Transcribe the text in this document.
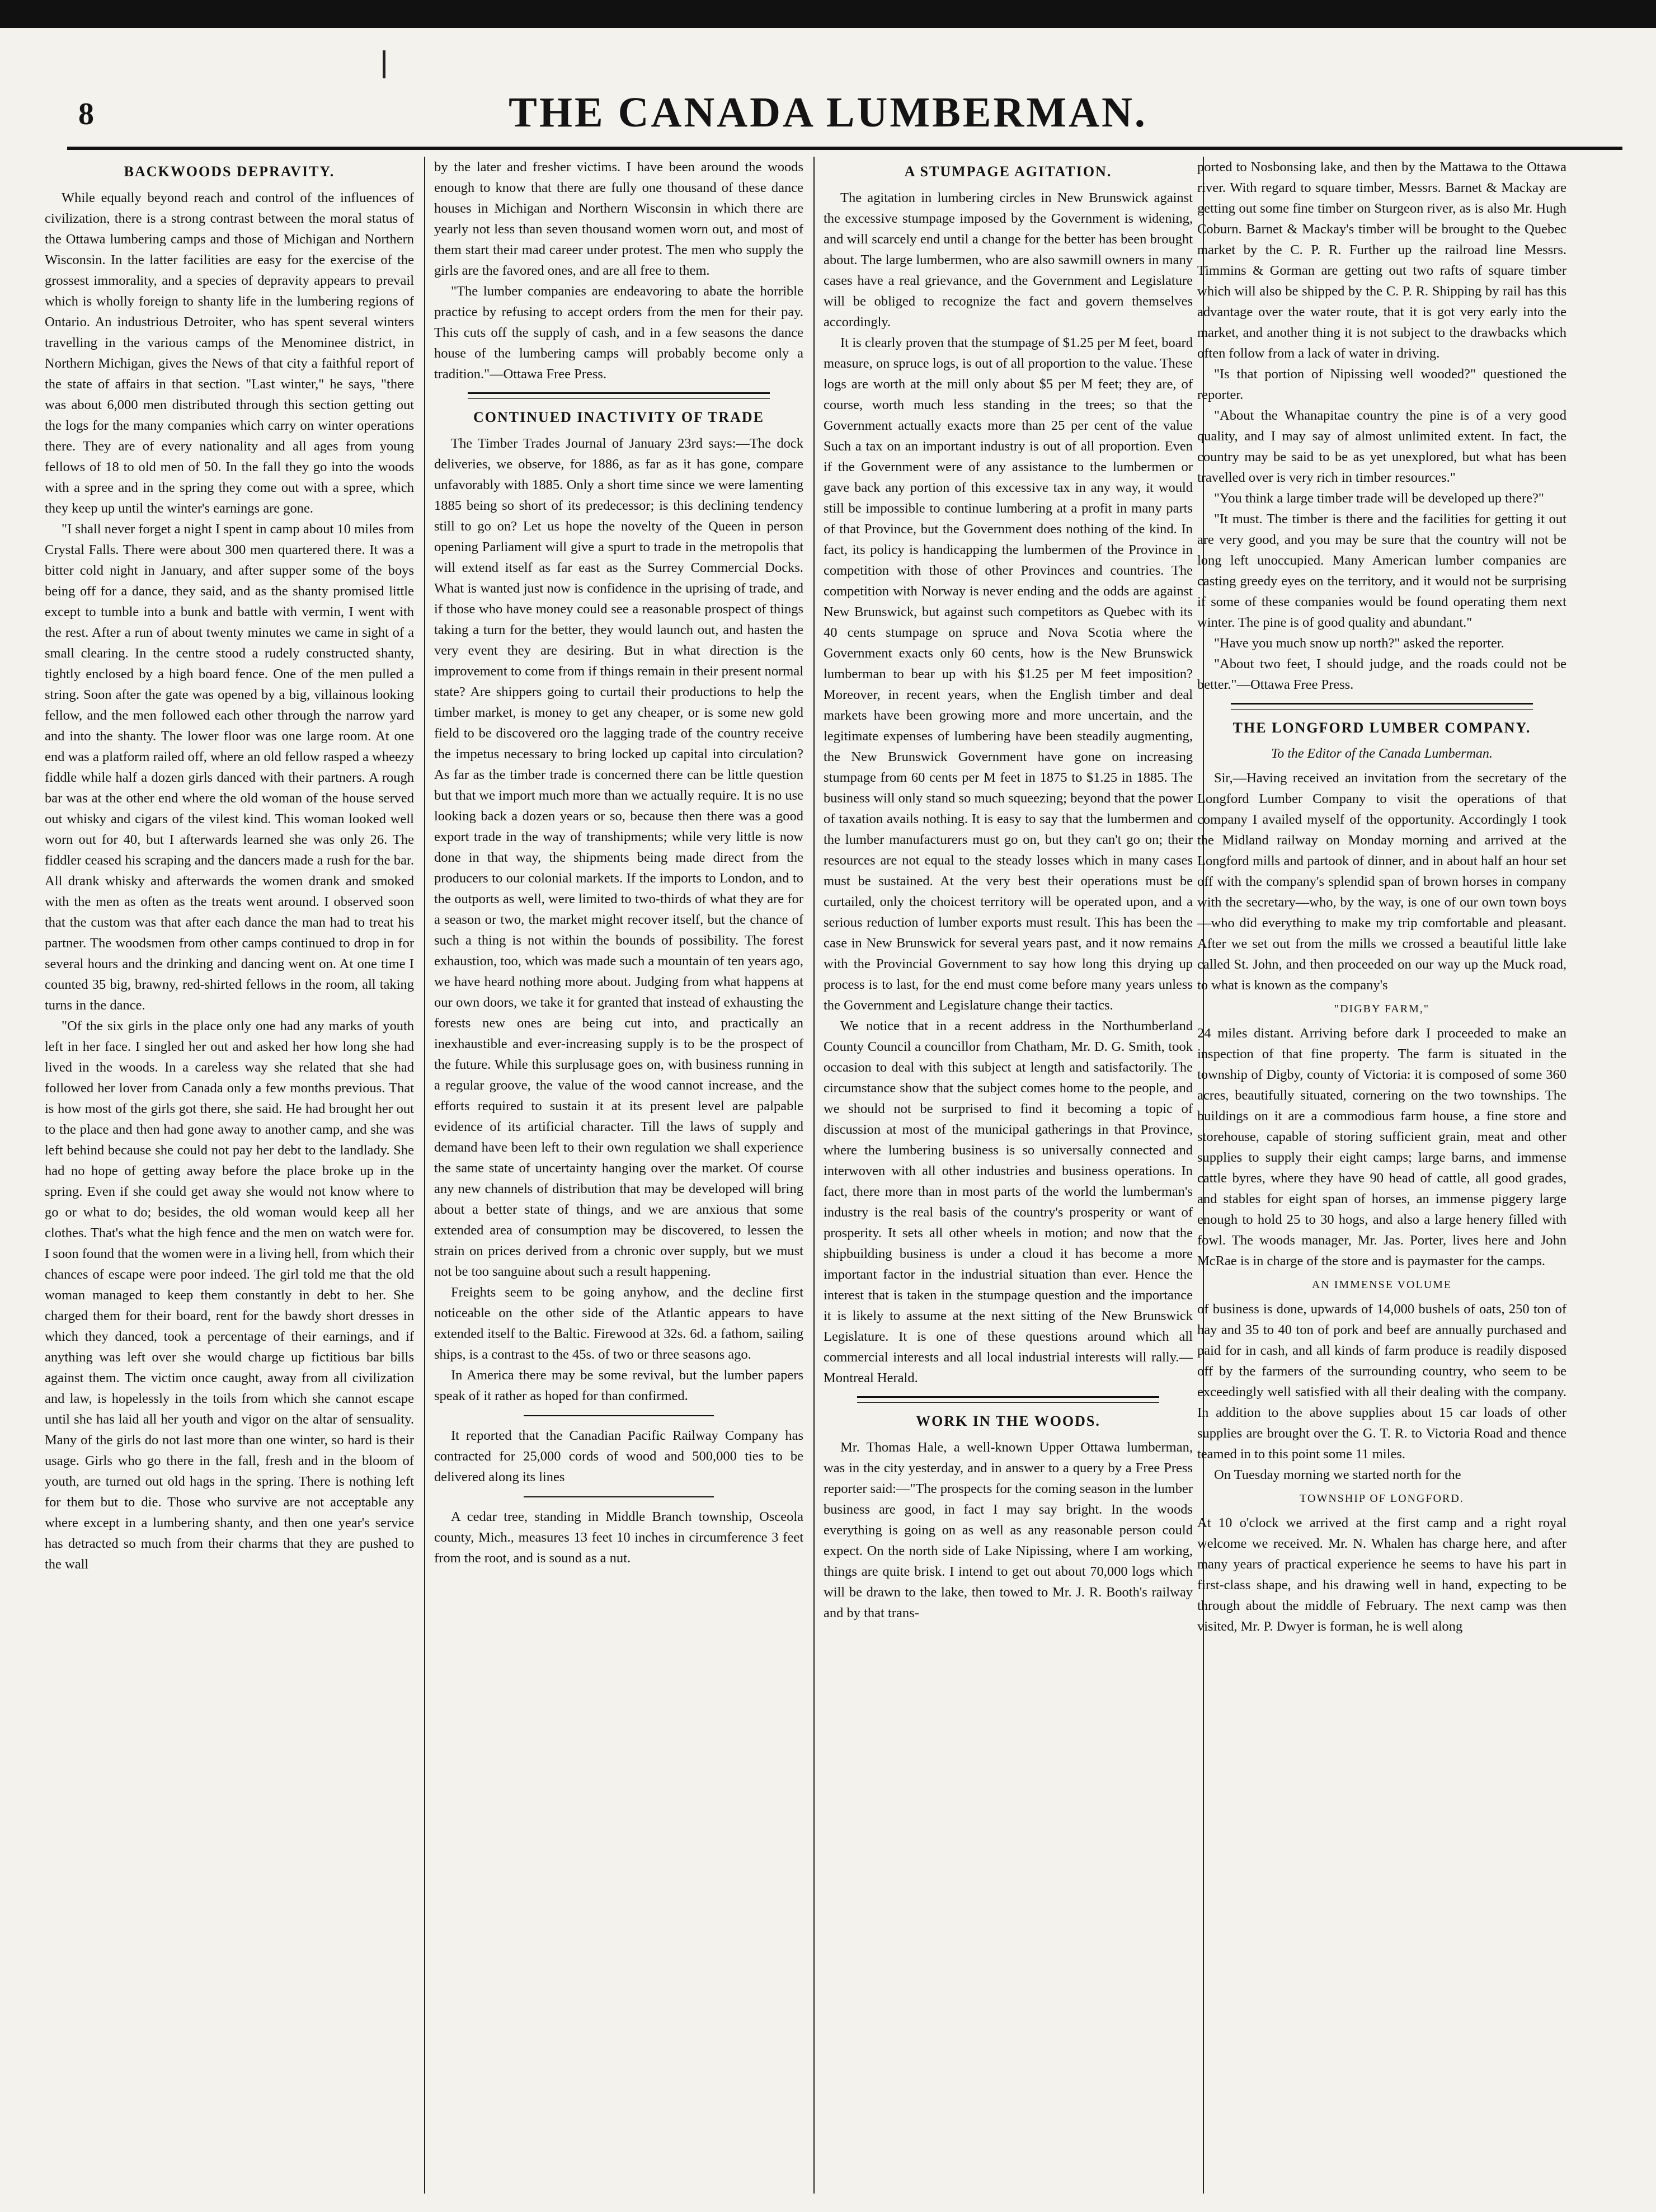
8	THE CANADA LUMBERMAN.
BACKWOODS DEPRAVITY.

While equally beyond reach and control of the influences of civilization, there is a strong contrast between the moral status of the Ottawa lumbering camps and those of Michigan and Northern Wisconsin. In the latter facilities are easy for the exercise of the grossest immorality, and a species of depravity appears to prevail which is wholly foreign to shanty life in the lumbering regions of Ontario. An industrious Detroiter, who has spent several winters travelling in the various camps of the Menominee district, in Northern Michigan, gives the News of that city a faithful report of the state of affairs in that section. "Last winter," he says, "there was about 6,000 men distributed through this section getting out the logs for the many companies which carry on winter operations there. They are of every nationality and all ages from young fellows of 18 to old men of 50. In the fall they go into the woods with a spree and in the spring they come out with a spree, which they keep up until the winter's earnings are gone.

"I shall never forget a night I spent in camp about 10 miles from Crystal Falls. There were about 300 men quartered there. It was a bitter cold night in January, and after supper some of the boys being off for a dance, they said, and as the shanty promised little except to tumble into a bunk and battle with vermin, I went with the rest. After a run of about twenty minutes we came in sight of a small clearing. In the centre stood a rudely constructed shanty, tightly enclosed by a high board fence. One of the men pulled a string. Soon after the gate was opened by a big, villainous looking fellow, and the men followed each other through the narrow yard and into the shanty. The lower floor was one large room. At one end was a platform railed off, where an old fellow rasped a wheezy fiddle while half a dozen girls danced with their partners. A rough bar was at the other end where the old woman of the house served out whisky and cigars of the vilest kind. This woman looked well worn out for 40, but I afterwards learned she was only 26. The fiddler ceased his scraping and the dancers made a rush for the bar. All drank whisky and afterwards the women drank and smoked with the men as often as the treats went around. I observed soon that the custom was that after each dance the man had to treat his partner. The woodsmen from other camps continued to drop in for several hours and the drinking and dancing went on. At one time I counted 35 big, brawny, red-shirted fellows in the room, all taking turns in the dance.

"Of the six girls in the place only one had any marks of youth left in her face. I singled her out and asked her how long she had lived in the woods. In a careless way she related that she had followed her lover from Canada only a few months previous. That is how most of the girls got there, she said. He had brought her out to the place and then had gone away to another camp, and she was left behind because she could not pay her debt to the landlady. She had no hope of getting away before the place broke up in the spring. Even if she could get away she would not know where to go or what to do; besides, the old woman would keep all her clothes. That's what the high fence and the men on watch were for. I soon found that the women were in a living hell, from which their chances of escape were poor indeed. The girl told me that the old woman managed to keep them constantly in debt to her. She charged them for their board, rent for the bawdy short dresses in which they danced, took a percentage of their earnings, and if anything was left over she would charge up fictitious bar bills against them. The victim once caught, away from all civilization and law, is hopelessly in the toils from which she cannot escape until she has laid all her youth and vigor on the altar of sensuality. Many of the girls do not last more than one winter, so hard is their usage. Girls who go there in the fall, fresh and in the bloom of youth, are turned out old hags in the spring. There is nothing left for them but to die. Those who survive are not acceptable any where except in a lumbering shanty, and then one year's service has detracted so much from their charms that they are pushed to the wall

by the later and fresher victims. I have been around the woods enough to know that there are fully one thousand of these dance houses in Michigan and Northern Wisconsin in which there are yearly not less than seven thousand women worn out, and most of them start their mad career under protest. The men who supply the girls are the favored ones, and are all free to them.

"The lumber companies are endeavoring to abate the horrible practice by refusing to accept orders from the men for their pay. This cuts off the supply of cash, and in a few seasons the dance house of the lumbering camps will probably become only a tradition."—Ottawa Free Press.

CONTINUED INACTIVITY OF TRADE

The Timber Trades Journal of January 23rd says:—The dock deliveries, we observe, for 1886, as far as it has gone, compare unfavorably with 1885. Only a short time since we were lamenting 1885 being so short of its predecessor; is this declining tendency still to go on? Let us hope the novelty of the Queen in person opening Parliament will give a spurt to trade in the metropolis that will extend itself as far east as the Surrey Commercial Docks. What is wanted just now is confidence in the uprising of trade, and if those who have money could see a reasonable prospect of things taking a turn for the better, they would launch out, and hasten the very event they are desiring. But in what direction is the improvement to come from if things remain in their present normal state? Are shippers going to curtail their productions to help the timber market, is money to get any cheaper, or is some new gold field to be discovered oro the lagging trade of the country receive the impetus necessary to bring locked up capital into circulation? As far as the timber trade is concerned there can be little question but that we import much more than we actually require. It is no use looking back a dozen years or so, because then there was a good export trade in the way of transhipments; while very little is now done in that way, the shipments being made direct from the producers to our colonial markets. If the imports to London, and to the outports as well, were limited to two-thirds of what they are for a season or two, the market might recover itself, but the chance of such a thing is not within the bounds of possibility. The forest exhaustion, too, which was made such a mountain of ten years ago, we have heard nothing more about. Judging from what happens at our own doors, we take it for granted that instead of exhausting the forests new ones are being cut into, and practically an inexhaustible and ever-increasing supply is to be the prospect of the future. While this surplusage goes on, with business running in a regular groove, the value of the wood cannot increase, and the efforts required to sustain it at its present level are palpable evidence of its artificial character. Till the laws of supply and demand have been left to their own regulation we shall experience the same state of uncertainty hanging over the market. Of course any new channels of distribution that may be developed will bring about a better state of things, and we are anxious that some extended area of consumption may be discovered, to lessen the strain on prices derived from a chronic over supply, but we must not be too sanguine about such a result happening.

Freights seem to be going anyhow, and the decline first noticeable on the other side of the Atlantic appears to have extended itself to the Baltic. Firewood at 32s. 6d. a fathom, sailing ships, is a contrast to the 45s. of two or three seasons ago.

In America there may be some revival, but the lumber papers speak of it rather as hoped for than confirmed.

It reported that the Canadian Pacific Railway Company has contracted for 25,000 cords of wood and 500,000 ties to be delivered along its lines

A cedar tree, standing in Middle Branch township, Osceola county, Mich., measures 13 feet 10 inches in circumference 3 feet from the root, and is sound as a nut.

A STUMPAGE AGITATION.

The agitation in lumbering circles in New Brunswick against the excessive stumpage imposed by the Government is widening, and will scarcely end until a change for the better has been brought about. The large lumbermen, who are also sawmill owners in many cases have a real grievance, and the Government and Legislature will be obliged to recognize the fact and govern themselves accordingly.

It is clearly proven that the stumpage of $1.25 per M feet, board measure, on spruce logs, is out of all proportion to the value. These logs are worth at the mill only about $5 per M feet; they are, of course, worth much less standing in the trees; so that the Government actually exacts more than 25 per cent of the value Such a tax on an important industry is out of all proportion. Even if the Government were of any assistance to the lumbermen or gave back any portion of this excessive tax in any way, it would still be impossible to continue lumbering at a profit in many parts of that Province, but the Government does nothing of the kind. In fact, its policy is handicapping the lumbermen of the Province in competition with those of other Provinces and countries. The competition with Norway is never ending and the odds are against New Brunswick, but against such competitors as Quebec with its 40 cents stumpage on spruce and Nova Scotia where the Government exacts only 60 cents, how is the New Brunswick lumberman to bear up with his $1.25 per M feet imposition? Moreover, in recent years, when the English timber and deal markets have been growing more and more uncertain, and the legitimate expenses of lumbering have been steadily augmenting, the New Brunswick Government have gone on increasing stumpage from 60 cents per M feet in 1875 to $1.25 in 1885. The business will only stand so much squeezing; beyond that the power of taxation avails nothing. It is easy to say that the lumbermen and the lumber manufacturers must go on, but they can't go on; their resources are not equal to the steady losses which in many cases must be sustained. At the very best their operations must be curtailed, only the choicest territory will be operated upon, and a serious reduction of lumber exports must result. This has been the case in New Brunswick for several years past, and it now remains with the Provincial Government to say how long this drying up process is to last, for the end must come before many years unless the Government and Legislature change their tactics.

We notice that in a recent address in the Northumberland County Council a councillor from Chatham, Mr. D. G. Smith, took occasion to deal with this subject at length and satisfactorily. The circumstance show that the subject comes home to the people, and we should not be surprised to find it becoming a topic of discussion at most of the municipal gatherings in that Province, where the lumbering business is so universally connected and interwoven with all other industries and business operations. In fact, there more than in most parts of the world the lumberman's industry is the real basis of the country's prosperity or want of prosperity. It sets all other wheels in motion; and now that the shipbuilding business is under a cloud it has become a more important factor in the industrial situation than ever. Hence the interest that is taken in the stumpage question and the importance it is likely to assume at the next sitting of the New Brunswick Legislature. It is one of these questions around which all commercial interests and all local industrial interests will rally.—Montreal Herald.

WORK IN THE WOODS.

Mr. Thomas Hale, a well-known Upper Ottawa lumberman, was in the city yesterday, and in answer to a query by a Free Press reporter said:—"The prospects for the coming season in the lumber business are good, in fact I may say bright. In the woods everything is going on as well as any reasonable person could expect. On the north side of Lake Nipissing, where I am working, things are quite brisk. I intend to get out about 70,000 logs which will be drawn to the lake, then towed to Mr. J. R. Booth's railway and by that trans-

ported to Nosbonsing lake, and then by the Mattawa to the Ottawa river. With regard to square timber, Messrs. Barnet & Mackay are getting out some fine timber on Sturgeon river, as is also Mr. Hugh Coburn. Barnet & Mackay's timber will be brought to the Quebec market by the C. P. R. Further up the railroad line Messrs. Timmins & Gorman are getting out two rafts of square timber which will also be shipped by the C. P. R. Shipping by rail has this advantage over the water route, that it is got very early into the market, and another thing it is not subject to the drawbacks which often follow from a lack of water in driving.

"Is that portion of Nipissing well wooded?" questioned the reporter.

"About the Whanapitae country the pine is of a very good quality, and I may say of almost unlimited extent. In fact, the country may be said to be as yet unexplored, but what has been travelled over is very rich in timber resources."

"You think a large timber trade will be developed up there?"

"It must. The timber is there and the facilities for getting it out are very good, and you may be sure that the country will not be long left unoccupied. Many American lumber companies are casting greedy eyes on the territory, and it would not be surprising if some of these companies would be found operating them next winter. The pine is of good quality and abundant."

"Have you much snow up north?" asked the reporter.

"About two feet, I should judge, and the roads could not be better."—Ottawa Free Press.

THE LONGFORD LUMBER COMPANY.
To the Editor of the Canada Lumberman.

Sir,—Having received an invitation from the secretary of the Longford Lumber Company to visit the operations of that company I availed myself of the opportunity. Accordingly I took the Midland railway on Monday morning and arrived at the Longford mills and partook of dinner, and in about half an hour set off with the company's splendid span of brown horses in company with the secretary—who, by the way, is one of our own town boys—who did everything to make my trip comfortable and pleasant. After we set out from the mills we crossed a beautiful little lake called St. John, and then proceeded on our way up the Muck road, to what is known as the company's

"DIGBY FARM,"

24 miles distant. Arriving before dark I proceeded to make an inspection of that fine property. The farm is situated in the township of Digby, county of Victoria: it is composed of some 360 acres, beautifully situated, cornering on the two townships. The buildings on it are a commodious farm house, a fine store and storehouse, capable of storing sufficient grain, meat and other supplies to supply their eight camps; large barns, and immense cattle byres, where they have 90 head of cattle, all good grades, and stables for eight span of horses, an immense piggery large enough to hold 25 to 30 hogs, and also a large henery filled with fowl. The woods manager, Mr. Jas. Porter, lives here and John McRae is in charge of the store and is paymaster for the camps.

AN IMMENSE VOLUME

of business is done, upwards of 14,000 bushels of oats, 250 ton of hay and 35 to 40 ton of pork and beef are annually purchased and paid for in cash, and all kinds of farm produce is readily disposed off by the farmers of the surrounding country, who seem to be exceedingly well satisfied with all their dealing with the company. In addition to the above supplies about 15 car loads of other supplies are brought over the G. T. R. to Victoria Road and thence teamed in to this point some 11 miles.

On Tuesday morning we started north for the

TOWNSHIP OF LONGFORD.

At 10 o'clock we arrived at the first camp and a right royal welcome we received. Mr. N. Whalen has charge here, and after many years of practical experience he seems to have his part in first-class shape, and his drawing well in hand, expecting to be through about the middle of February. The next camp was then visited, Mr. P. Dwyer is forman, he is well along
